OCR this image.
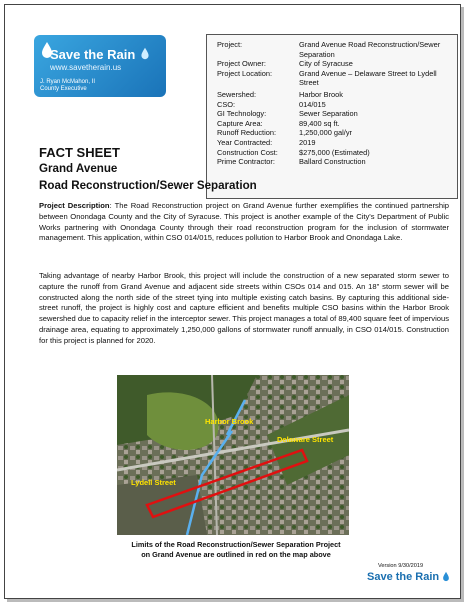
Save the Rain
www.savetherain.us
J. Ryan McMahon, II
County Executive
Project:	Grand Avenue Road Reconstruction/Sewer Separation
Project Owner:	City of Syracuse
Project Location:	Grand Avenue – Delaware Street to Lydell Street
Sewershed:	Harbor Brook
CSO:	014/015
GI Technology:	Sewer Separation
Capture Area:	89,400 sq ft.
Runoff Reduction:	1,250,000 gal/yr
Year Contracted:	2019
Construction Cost:	$275,000 (Estimated)
Prime Contractor:	Ballard Construction
FACT SHEET
Grand Avenue
Road Reconstruction/Sewer Separation
Project Description: The Road Reconstruction project on Grand Avenue further exemplifies the continued partnership between Onondaga County and the City of Syracuse. This project is another example of the City's Department of Public Works partnering with Onondaga County through their road reconstruction program for the inclusion of stormwater management. This application, within CSO 014/015, reduces pollution to Harbor Brook and Onondaga Lake.
Taking advantage of nearby Harbor Brook, this project will include the construction of a new separated storm sewer to capture the runoff from Grand Avenue and adjacent side streets within CSOs 014 and 015. An 18" storm sewer will be constructed along the north side of the street tying into multiple existing catch basins. By capturing this additional side-street runoff, the project is highly cost and capture efficient and benefits multiple CSO basins within the Harbor Brook sewershed due to capacity relief in the interceptor sewer. This project manages a total of 89,400 square feet of impervious drainage area, equating to approximately 1,250,000 gallons of stormwater runoff annually, in CSO 014/015. Construction for this project is planned for 2020.
Harbor Brook
Delaware Street
Lydell Street
Limits of the Road Reconstruction/Sewer Separation Project
on Grand Avenue are outlined in red on the map above
Version 9/30/2019
Save the Rain
